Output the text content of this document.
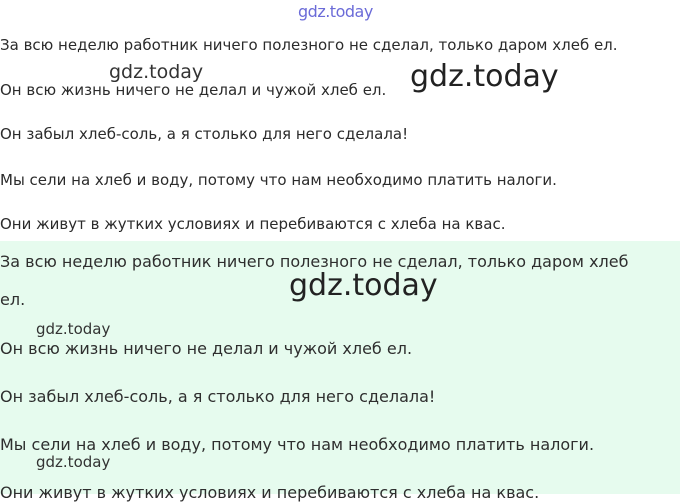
За всю неделю работник ничего полезного не сделал, только даром хлеб ел.
Он всю жизнь ничего не делал и чужой хлеб ел.
Он забыл хлеб-соль, а я столько для него сделала!
Мы сели на хлеб и воду, потому что нам необходимо платить налоги.
Они живут в жутких условиях и перебиваются с хлеба на квас.
За всю неделю работник ничего полезного не сделал, только даром хлеб
ел.
Он всю жизнь ничего не делал и чужой хлеб ел.
Он забыл хлеб-соль, а я столько для него сделала!
Мы сели на хлеб и воду, потому что нам необходимо платить налоги.
Они живут в жутких условиях и перебиваются с хлеба на квас.
gdz.today
gdz.today	gdz.today
gdz.today
gdz.today
gdz.today
